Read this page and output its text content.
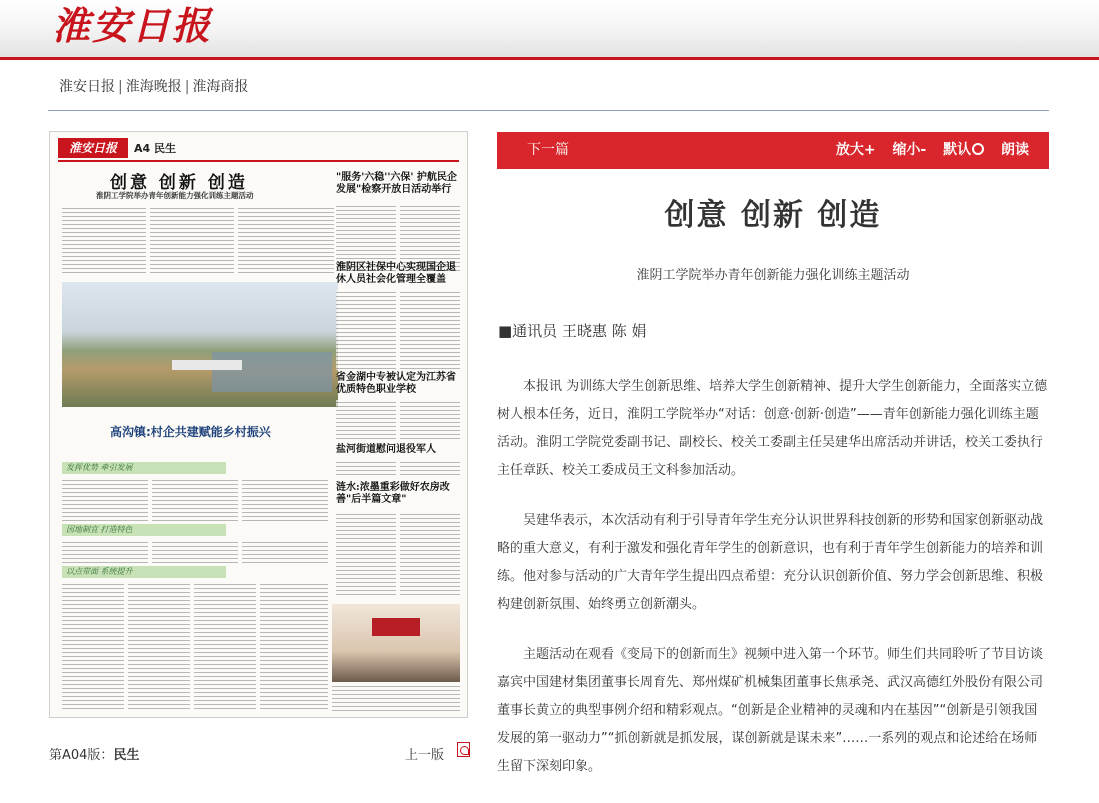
淮安日报
淮安日报 | 淮海晚报 | 淮海商报
淮安日报	A4 民生
创意 创新 创造
淮阴工学院举办青年创新能力强化训练主题活动
高沟镇:村企共建赋能乡村振兴
发挥优势 牵引发展
因地制宜 打造特色
以点带面 系统提升
"服务'六稳''六保' 护航民企发展"检察开放日活动举行
淮阴区社保中心实现国企退休人员社会化管理全覆盖
省金湖中专被认定为江苏省优质特色职业学校
盐河街道慰问退役军人
涟水:浓墨重彩做好农房改善"后半篇文章"
下一篇	放大+ 缩小- 默认 朗读
创意 创新 创造
淮阴工学院举办青年创新能力强化训练主题活动
■通讯员 王晓惠 陈 娟

本报讯 为训练大学生创新思维、培养大学生创新精神、提升大学生创新能力，全面落实立德树人根本任务，近日，淮阴工学院举办“对话：创意·创新·创造”——青年创新能力强化训练主题活动。淮阴工学院党委副书记、副校长、校关工委副主任吴建华出席活动并讲话，校关工委执行主任章跃、校关工委成员王文科参加活动。

吴建华表示，本次活动有利于引导青年学生充分认识世界科技创新的形势和国家创新驱动战略的重大意义，有利于激发和强化青年学生的创新意识，也有利于青年学生创新能力的培养和训练。他对参与活动的广大青年学生提出四点希望：充分认识创新价值、努力学会创新思维、积极构建创新氛围、始终勇立创新潮头。

主题活动在观看《变局下的创新而生》视频中进入第一个环节。师生们共同聆听了节目访谈嘉宾中国建材集团董事长周育先、郑州煤矿机械集团董事长焦承尧、武汉高德红外股份有限公司董事长黄立的典型事例介绍和精彩观点。“创新是企业精神的灵魂和内在基因”“创新是引领我国发展的第一驱动力”“抓创新就是抓发展，谋创新就是谋未来”……一系列的观点和论述给在场师生留下深刻印象。

第A04版：民生	上一版
